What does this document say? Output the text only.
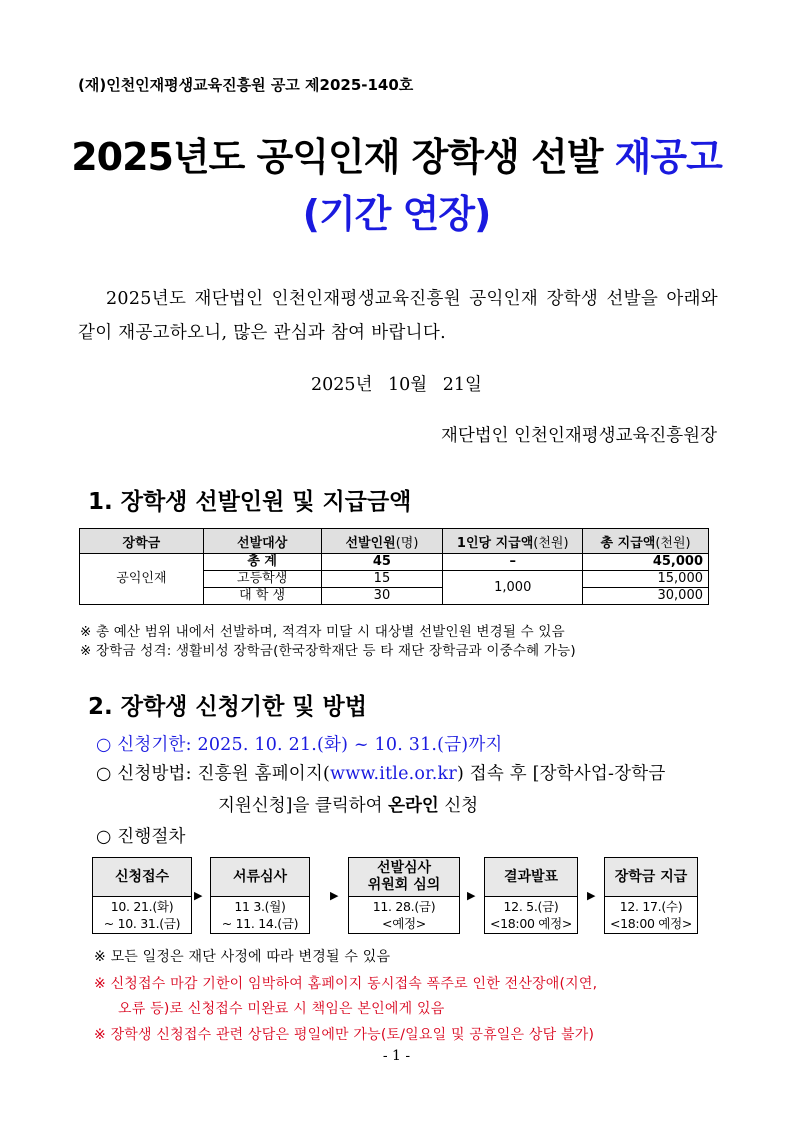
(재)인천인재평생교육진흥원 공고 제2025-140호
2025년도 공익인재 장학생 선발 재공고
(기간 연장)
2025년도 재단법인 인천인재평생교육진흥원 공익인재 장학생 선발을 아래와 같이 재공고하오니, 많은 관심과 참여 바랍니다.
2025년 10월 21일
재단법인 인천인재평생교육진흥원장
1. 장학생 선발인원 및 지급금액
장학금	선발대상	선발인원(명)	1인당 지급액(천원)	총 지급액(천원)
공익인재	총 계	45	–	45,000
	고등학생	15	1,000	15,000
	대 학 생	30		30,000
※ 총 예산 범위 내에서 선발하며, 적격자 미달 시 대상별 선발인원 변경될 수 있음
※ 장학금 성격: 생활비성 장학금(한국장학재단 등 타 재단 장학금과 이중수혜 가능)
2. 장학생 신청기한 및 방법
○ 신청기한: 2025. 10. 21.(화) ~ 10. 31.(금)까지
○ 신청방법: 진흥원 홈페이지(www.itle.or.kr) 접속 후 [장학사업-장학금
지원신청]을 클릭하여 온라인 신청
○ 진행절차
신청접수
10. 21.(화)
~ 10. 31.(금)
▶
서류심사
11 3.(월)
~ 11. 14.(금)
▶
선발심사
위원회 심의
11. 28.(금)
<예정>
▶
결과발표
12. 5.(금)
<18:00 예정>
▶
장학금 지급
12. 17.(수)
<18:00 예정>
※ 모든 일정은 재단 사정에 따라 변경될 수 있음
※ 신청접수 마감 기한이 임박하여 홈페이지 동시접속 폭주로 인한 전산장애(지연,
오류 등)로 신청접수 미완료 시 책임은 본인에게 있음
※ 장학생 신청접수 관련 상담은 평일에만 가능(토/일요일 및 공휴일은 상담 불가)
- 1 -
